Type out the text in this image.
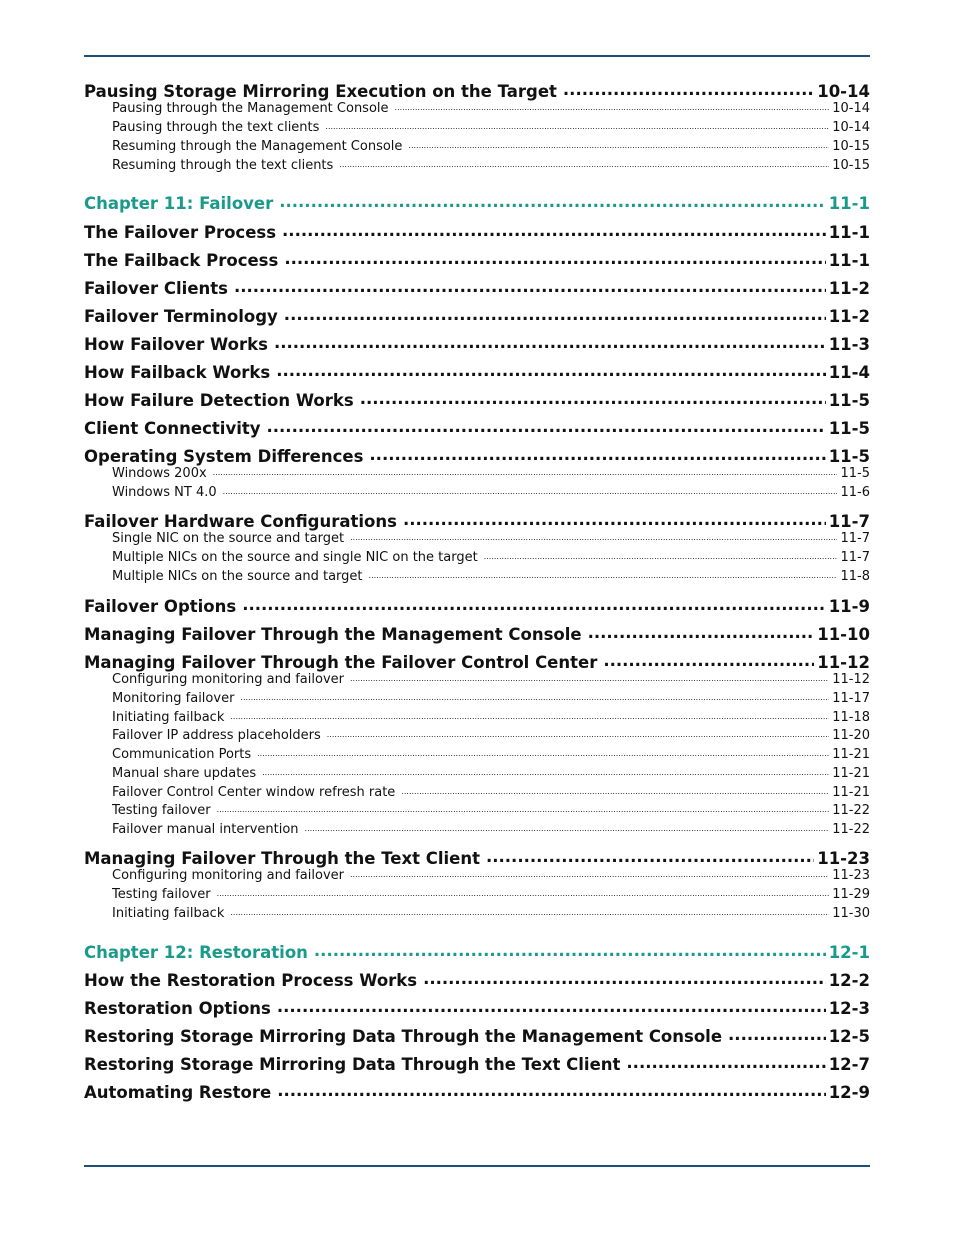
Pausing Storage Mirroring Execution on the Target .....	10-14
Pausing through the Management Console .....	10-14
Pausing through the text clients .....	10-14
Resuming through the Management Console .....	10-15
Resuming through the text clients .....	10-15
Chapter 11: Failover .....	11-1
The Failover Process .....	11-1
The Failback Process .....	11-1
Failover Clients .....	11-2
Failover Terminology .....	11-2
How Failover Works .....	11-3
How Failback Works .....	11-4
How Failure Detection Works .....	11-5
Client Connectivity .....	11-5
Operating System Differences .....	11-5
Windows 200x .....	11-5
Windows NT 4.0 .....	11-6
Failover Hardware Configurations .....	11-7
Single NIC on the source and target .....	11-7
Multiple NICs on the source and single NIC on the target .....	11-7
Multiple NICs on the source and target .....	11-8
Failover Options .....	11-9
Managing Failover Through the Management Console .....	11-10
Managing Failover Through the Failover Control Center .....	11-12
Configuring monitoring and failover .....	11-12
Monitoring failover .....	11-17
Initiating failback .....	11-18
Failover IP address placeholders .....	11-20
Communication Ports .....	11-21
Manual share updates .....	11-21
Failover Control Center window refresh rate .....	11-21
Testing failover .....	11-22
Failover manual intervention .....	11-22
Managing Failover Through the Text Client .....	11-23
Configuring monitoring and failover .....	11-23
Testing failover .....	11-29
Initiating failback .....	11-30
Chapter 12: Restoration .....	12-1
How the Restoration Process Works .....	12-2
Restoration Options .....	12-3
Restoring Storage Mirroring Data Through the Management Console .....	12-5
Restoring Storage Mirroring Data Through the Text Client .....	12-7
Automating Restore .....	12-9
